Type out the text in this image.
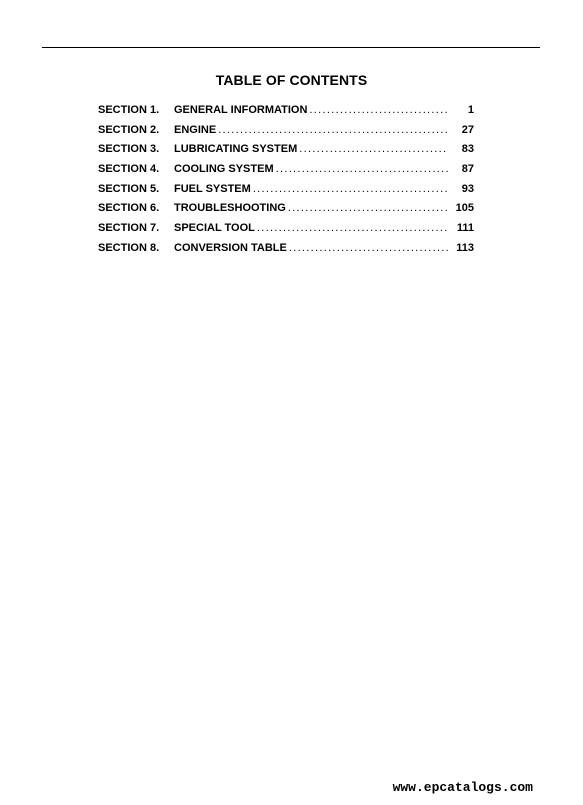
TABLE OF CONTENTS
SECTION 1.	GENERAL INFORMATION .....	1
SECTION 2.	ENGINE .....	27
SECTION 3.	LUBRICATING SYSTEM .....	83
SECTION 4.	COOLING SYSTEM .....	87
SECTION 5.	FUEL SYSTEM .....	93
SECTION 6.	TROUBLESHOOTING .....	105
SECTION 7.	SPECIAL TOOL .....	111
SECTION 8.	CONVERSION TABLE .....	113
www.epcatalogs.com
